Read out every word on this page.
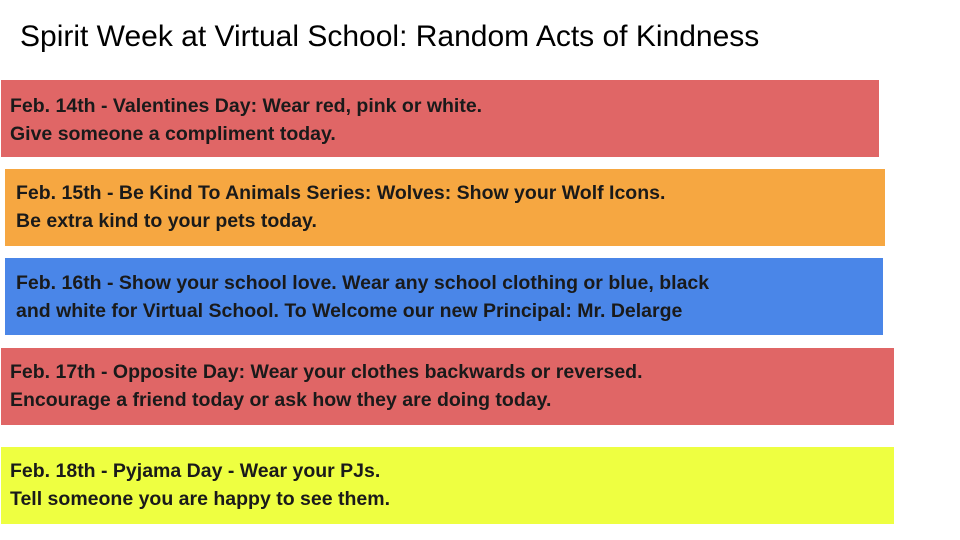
Spirit Week at Virtual School: Random Acts of Kindness
Feb. 14th - Valentines Day: Wear red, pink or white.
Give someone a compliment today.
Feb. 15th - Be Kind To Animals Series: Wolves: Show your Wolf Icons.
Be extra kind to your pets today.
Feb. 16th - Show your school love. Wear any school clothing or blue, black
and white for Virtual School. To Welcome our new Principal: Mr. Delarge
Feb. 17th - Opposite Day: Wear your clothes backwards or reversed.
Encourage a friend today or ask how they are doing today.
Feb. 18th - Pyjama Day - Wear your PJs.
Tell someone you are happy to see them.
